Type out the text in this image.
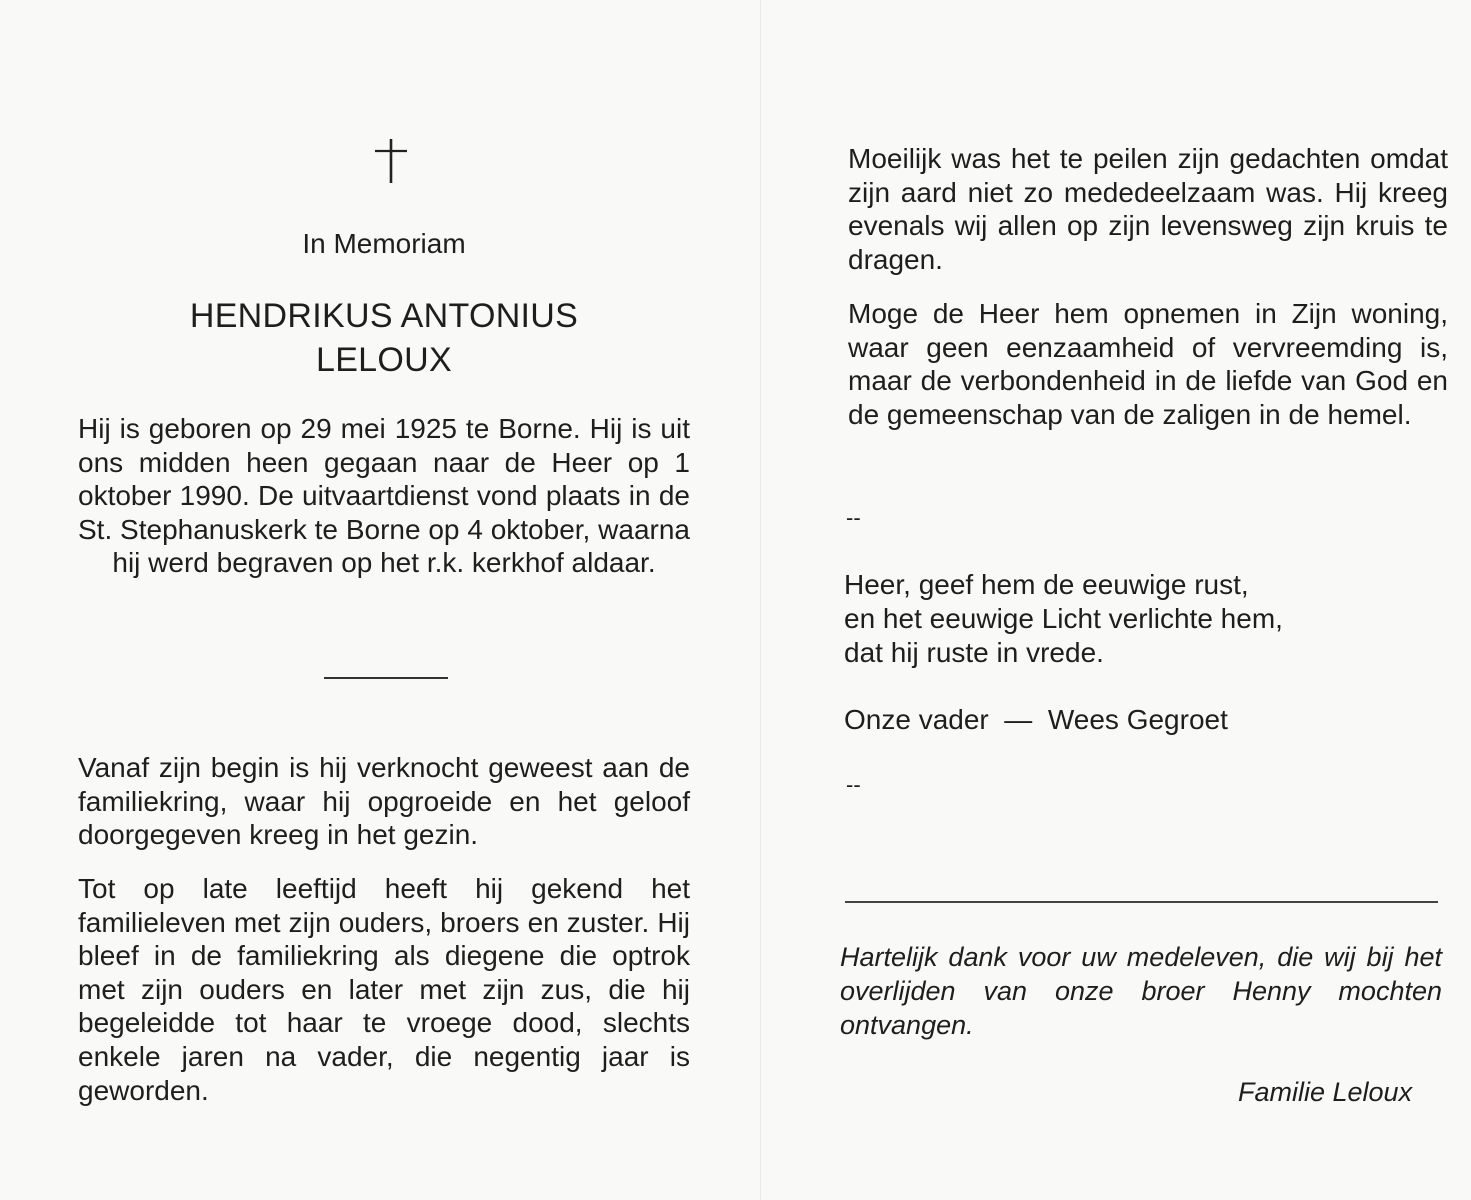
In Memoriam
HENDRIKUS ANTONIUS
LELOUX
Hij is geboren op 29 mei 1925 te Borne. Hij is uit ons midden heen gegaan naar de Heer op 1 oktober 1990. De uitvaartdienst vond plaats in de St. Stephanuskerk te Borne op 4 oktober, waarna hij werd begraven op het r.k. kerkhof aldaar.
Vanaf zijn begin is hij verknocht geweest aan de familiekring, waar hij opgroeide en het geloof doorgegeven kreeg in het gezin.
Tot op late leeftijd heeft hij gekend het familieleven met zijn ouders, broers en zuster. Hij bleef in de familiekring als diegene die optrok met zijn ouders en later met zijn zus, die hij begeleidde tot haar te vroege dood, slechts enkele jaren na vader, die negentig jaar is geworden.
Moeilijk was het te peilen zijn gedachten omdat zijn aard niet zo mededeelzaam was. Hij kreeg evenals wij allen op zijn levensweg zijn kruis te dragen.
Moge de Heer hem opnemen in Zijn woning, waar geen eenzaamheid of vervreemding is, maar de verbondenheid in de liefde van God en de gemeenschap van de zaligen in de hemel.
--
Heer, geef hem de eeuwige rust,
en het eeuwige Licht verlichte hem,
dat hij ruste in vrede.
Onze vader  —  Wees Gegroet
--
Hartelijk dank voor uw medeleven, die wij bij het overlijden van onze broer Henny mochten ontvangen.
Familie Leloux
